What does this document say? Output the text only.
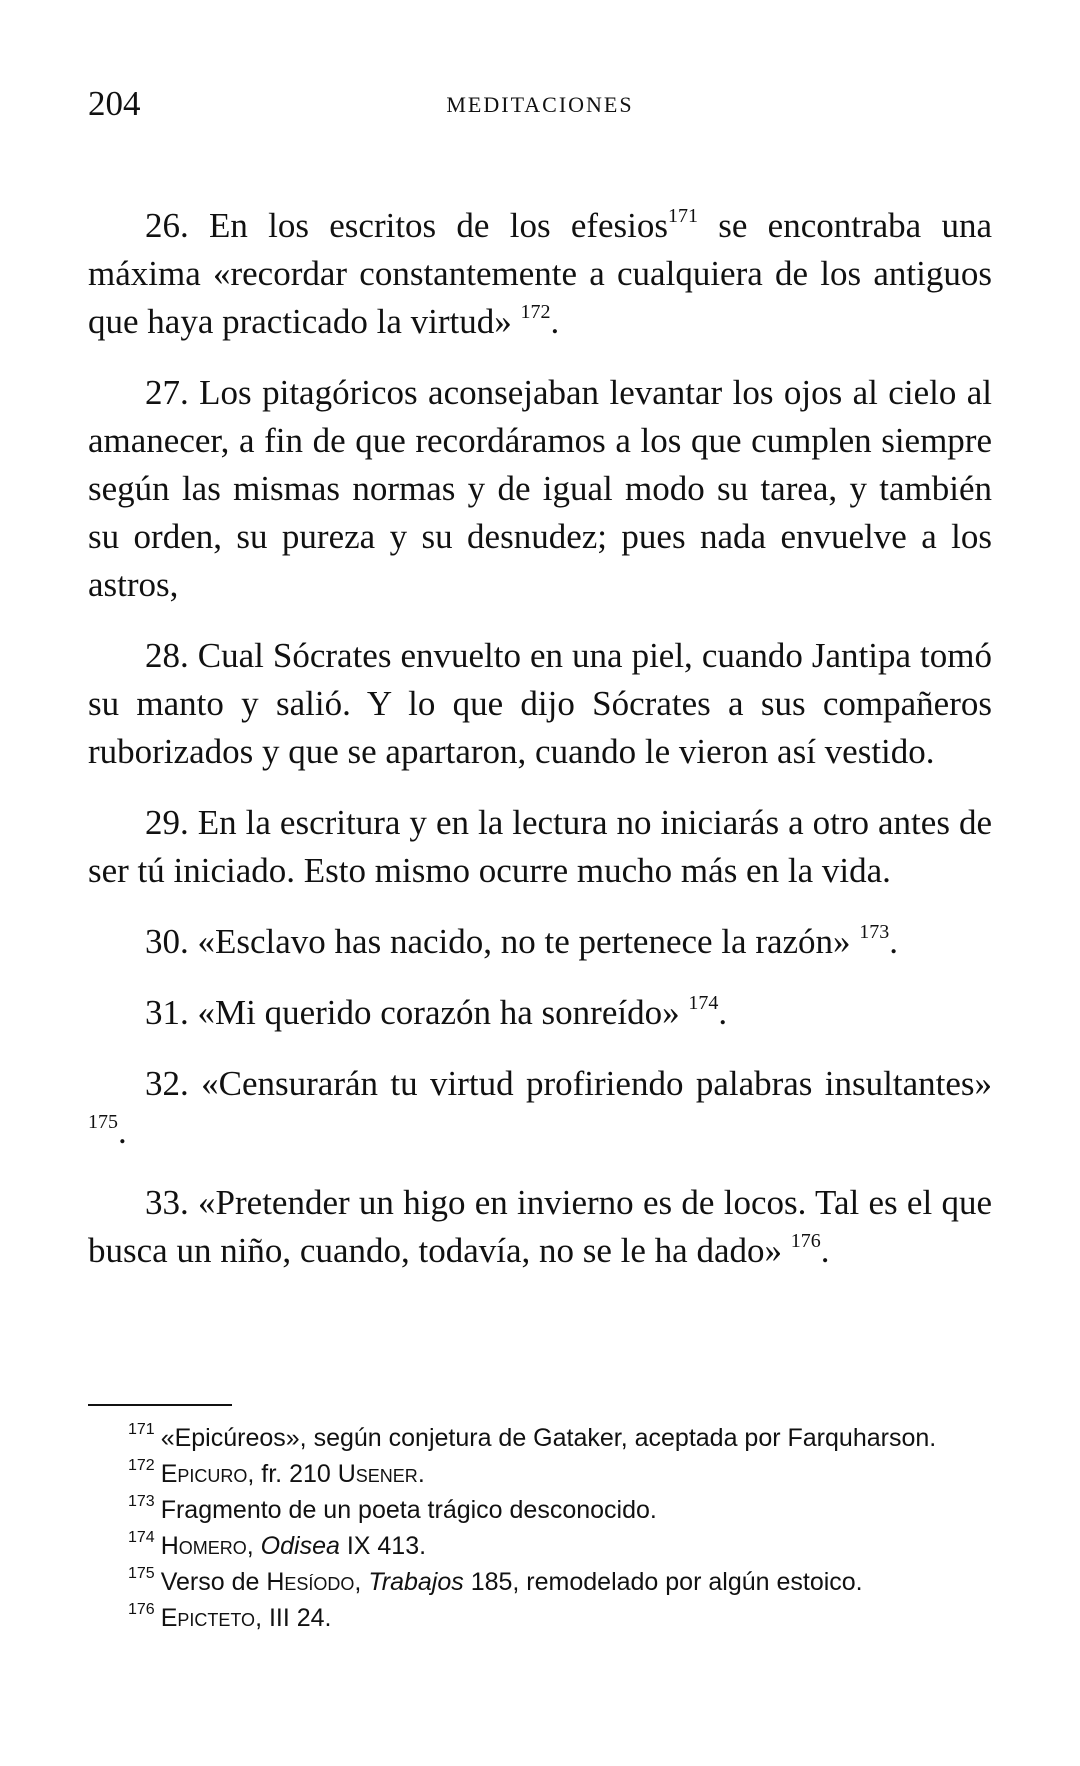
204	MEDITACIONES

26. En los escritos de los efesios$^{171}$ se encontraba una máxima «recordar constantemente a cualquiera de los antiguos que haya practicado la virtud» $^{172}$.

27. Los pitagóricos aconsejaban levantar los ojos al cielo al amanecer, a fin de que recordáramos a los que cumplen siempre según las mismas normas y de igual modo su tarea, y también su orden, su pureza y su desnudez; pues nada envuelve a los astros,

28. Cual Sócrates envuelto en una piel, cuando Jantipa tomó su manto y salió. Y lo que dijo Sócrates a sus compañeros ruborizados y que se apartaron, cuando le vieron así vestido.

29. En la escritura y en la lectura no iniciarás a otro antes de ser tú iniciado. Esto mismo ocurre mucho más en la vida.

30. «Esclavo has nacido, no te pertenece la razón» $^{173}$.

31. «Mi querido corazón ha sonreído» $^{174}$.

32. «Censurarán tu virtud profiriendo palabras insultantes» $^{175}$.

33. «Pretender un higo en invierno es de locos. Tal es el que busca un niño, cuando, todavía, no se le ha dado» $^{176}$.

$^{171}$ «Epicúreos», según conjetura de Gataker, aceptada por Farquharson.

$^{172}$ Epicuro, fr. 210 Usener.

$^{173}$ Fragmento de un poeta trágico desconocido.

$^{174}$ Homero, Odisea IX 413.

$^{175}$ Verso de Hesíodo, Trabajos 185, remodelado por algún estoico.

$^{176}$ Epicteto, III 24.
